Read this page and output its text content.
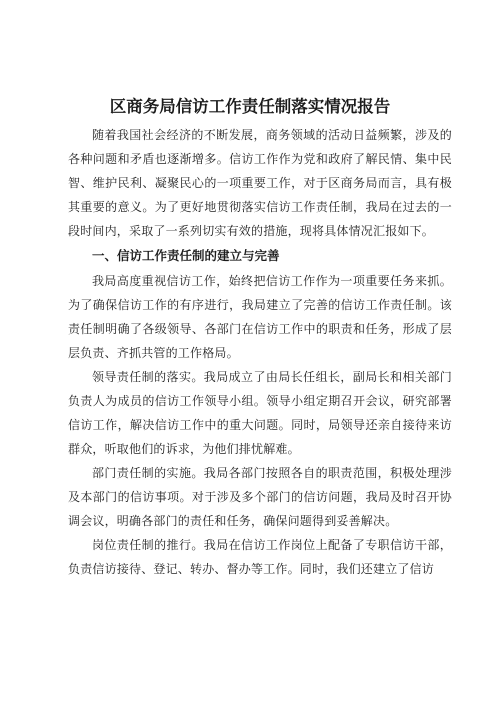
区商务局信访工作责任制落实情况报告

随着我国社会经济的不断发展，商务领域的活动日益频繁，涉及的各种问题和矛盾也逐渐增多。信访工作作为党和政府了解民情、集中民智、维护民利、凝聚民心的一项重要工作，对于区商务局而言，具有极其重要的意义。为了更好地贯彻落实信访工作责任制，我局在过去的一段时间内，采取了一系列切实有效的措施，现将具体情况汇报如下。

一、信访工作责任制的建立与完善

我局高度重视信访工作，始终把信访工作作为一项重要任务来抓。为了确保信访工作的有序进行，我局建立了完善的信访工作责任制。该责任制明确了各级领导、各部门在信访工作中的职责和任务，形成了层层负责、齐抓共管的工作格局。

领导责任制的落实。我局成立了由局长任组长，副局长和相关部门负责人为成员的信访工作领导小组。领导小组定期召开会议，研究部署信访工作，解决信访工作中的重大问题。同时，局领导还亲自接待来访群众，听取他们的诉求，为他们排忧解难。

部门责任制的实施。我局各部门按照各自的职责范围，积极处理涉及本部门的信访事项。对于涉及多个部门的信访问题，我局及时召开协调会议，明确各部门的责任和任务，确保问题得到妥善解决。

岗位责任制的推行。我局在信访工作岗位上配备了专职信访干部，负责信访接待、登记、转办、督办等工作。同时，我们还建立了信访
